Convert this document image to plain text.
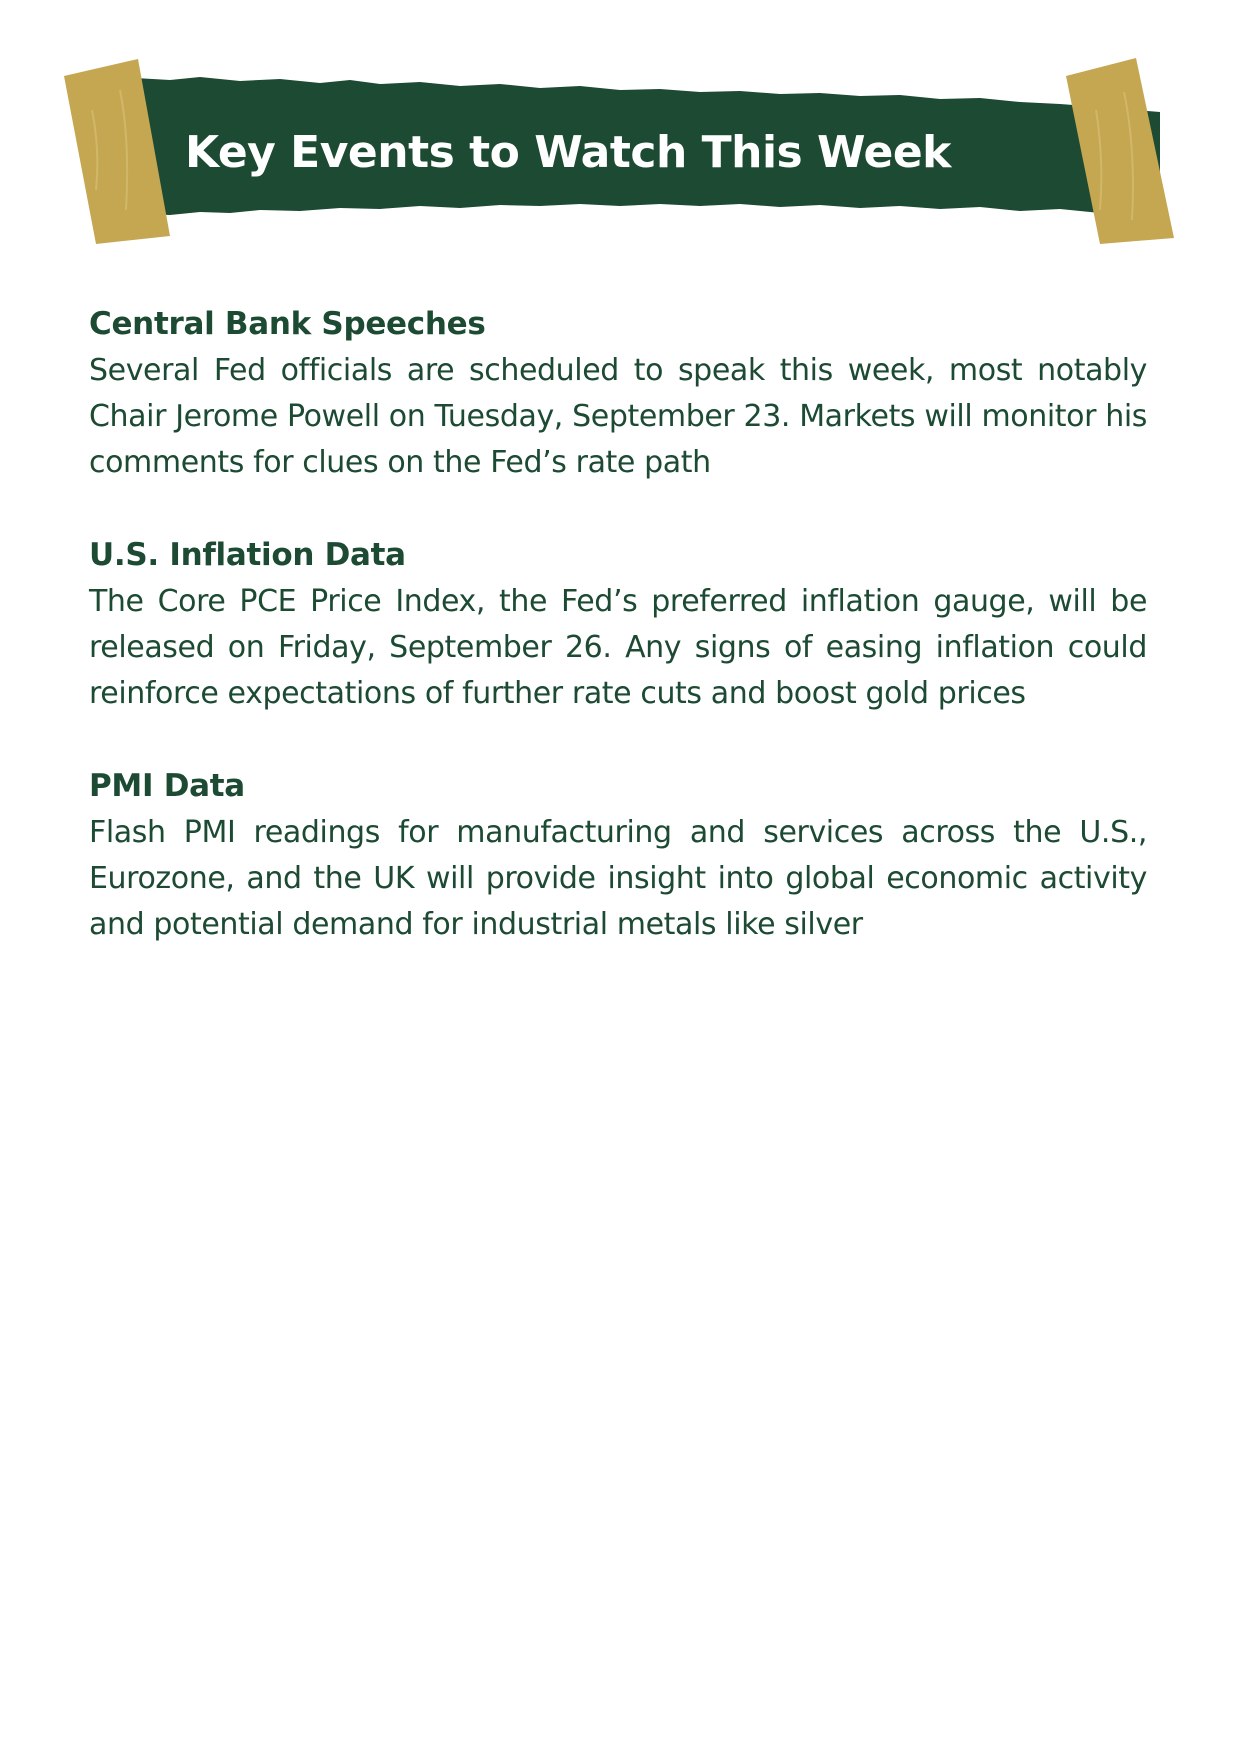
Key Events to Watch This Week
Central Bank Speeches

Several Fed officials are scheduled to speak this week, most notably Chair Jerome Powell on Tuesday, September 23. Markets will monitor his comments for clues on the Fed’s rate path

U.S. Inflation Data

The Core PCE Price Index, the Fed’s preferred inflation gauge, will be released on Friday, September 26. Any signs of easing inflation could reinforce expectations of further rate cuts and boost gold prices

PMI Data

Flash PMI readings for manufacturing and services across the U.S., Eurozone, and the UK will provide insight into global economic activity and potential demand for industrial metals like silver
